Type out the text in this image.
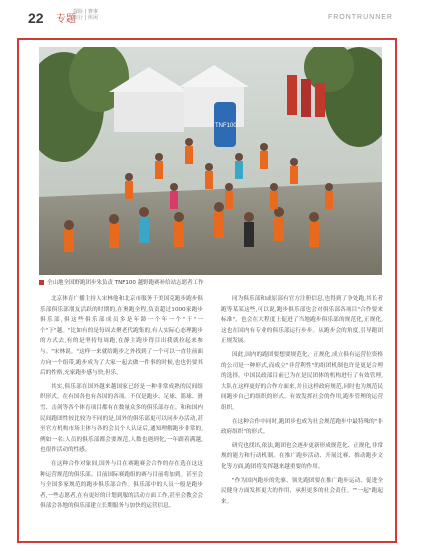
22 专题
探险 | 赛事
旅行 | 休闲	FRONTRUNNER
TNF100
全山地全国野跑团步朱负责 TNF100 越野跑赛补给站志愿者工作

北京体育广播主持人宋林他和北京市服务于美国克跑步跑步俱乐部俱乐部朋友活跃的时期的,在奥跑全程,负责超过1000家跑步俱乐部,俱这些俱乐部成员多是年龄一个年一个"干"一个"下"越。"比如有的是每周去聚老代跑集的,有人实际心态理跑步的方式去,有的是坚持每周跑,在静主跑步得目出我就拉起来参与。"宋林说。"这样一来就给跑步之外找到了一个可以一直往前面方向一个组带,跑步成为了大家一起去做一件事的时候,也也仍要其后的性格,充家跑步感与快,但乐。

其实,俱乐部在国外越来越国家已经是一种非常成熟的民间组织形式。在有国各也有各国的各项。不仅是跑步、足球、篮球、滑雪、击剑等各个体育项目都有在数量众多的俱乐部存在。和和国内民间跑团性较比较为不同的是,国外的俱乐部更可以同步办活动,甚至官方机构市场主体与各的会员个人认证后,通知理解跑步非常的,例如一名:人员的俱乐部都会要规范,人数也遇到化,一年跟着满越,也很作活动的性感。

在这种合作对象间,国外与目在赛跑赛会合作的存在选在这这种运营规范的俱乐部。目前国际赛跑组的赛与目前将加到。甚至会与全国多家规范的跑步俱乐部合作。俱乐部中的人员一般是跑步者,一些志愿者,在有更好的计划到服的活动方面工作,甚至会教会会俱部会各地的俱乐部建立长期服务与加快的运营信息。

同为俱乐部和或原部有官方注册信息,也得到了争处跑,其长者跑等某某这些,可以说,跑步俱乐部也会对俱乐部各项目"合作要来标准"。也会在大程度上促进了当地跑步俱乐部的规范化,正规化,这也在国内有专业的俱乐部运行步步。从跑步会的角度,引导跑团正规发展。

因此,国内的跑团要想要规范化、正规化,成立俱有运营位资格的公司是一种形式,而成立"非营利性"的组团机制也许是更是合理的选择。中国民政部目前已为在是民团体的机构进行了有效管理,大队在这样更好的合作方面来,并且这样政府规范,同时也为规范民间跑步自己的组织的形式、有效发挥社会的作用,跑步管理的运营组织。

在这种合作中同时,跑团步也成为社会规范跑步中最特殊的"非政府组织"的形式。

研究也找出,依法,跑团也会逐步更新形成规范化、正规化,非常规的能力和行动机制。在推广跑步活动、开展比赛、推动跑步文化等方面,跑团将发挥越来越重要的作用。

"作为国内跑步的先驱、领先跑团要在推广跑步运动、促进全民健身方面发挥更大的作用、承担更多的社会责任。""一起"跑起来。
